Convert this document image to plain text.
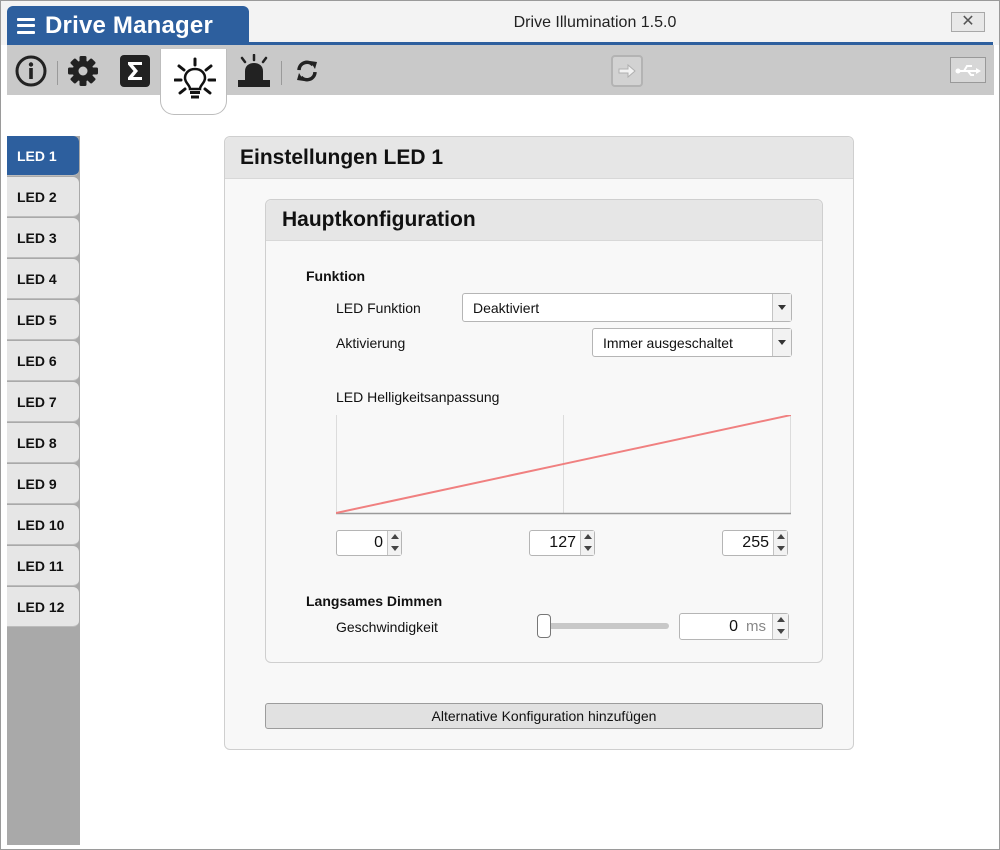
Drive Manager	Drive Illumination 1.5.0	✕
LED 1
LED 2
LED 3
LED 4
LED 5
LED 6
LED 7
LED 8
LED 9
LED 10
LED 11
LED 12
Einstellungen LED 1
Hauptkonfiguration
Funktion
LED Funktion	Deaktiviert
Aktivierung	Immer ausgeschaltet
LED Helligkeitsanpassung
0	127	255
Langsames Dimmen
Geschwindigkeit	0 ms
Alternative Konfiguration hinzufügen
